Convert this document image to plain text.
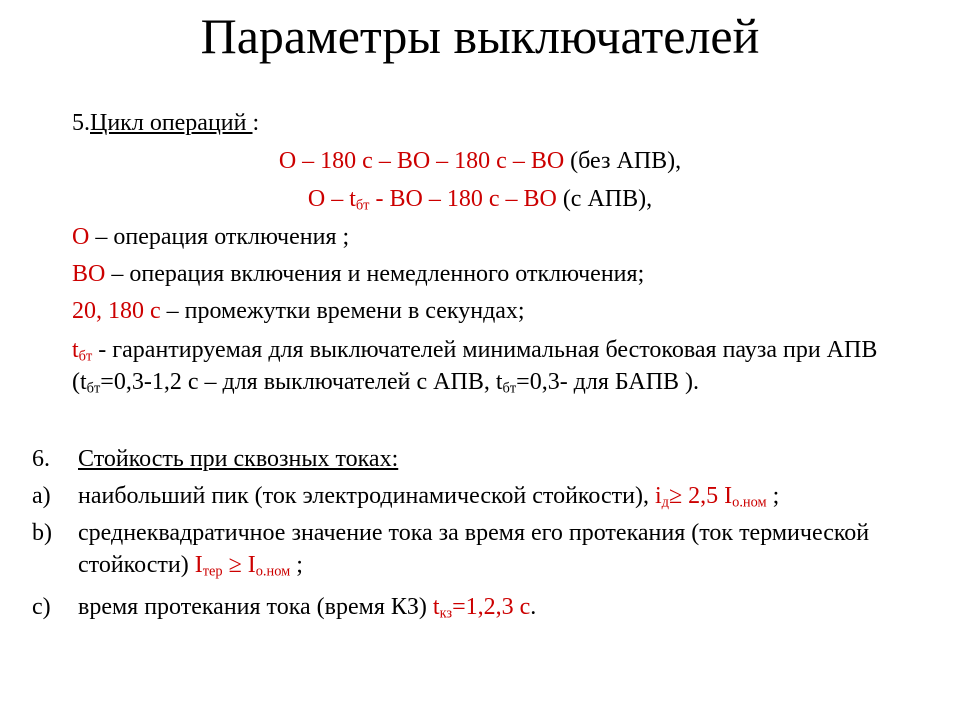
Параметры выключателей
5.Цикл операций :
О – 180 с – ВО – 180 с – ВО (без АПВ),
О – $t_{бт}$ - ВО – 180 с – ВО (с АПВ),
О – операция отключения ;
ВО – операция включения и немедленного отключения;
20, 180 с – промежутки времени в секундах;
$t_{бт}$ - гарантируемая для выключателей минимальная бестоковая пауза при АПВ ($t_{бт}=0,3-1,2$ с – для выключателей с АПВ, $t_{бт}=0,3-$ для БАПВ ).
6.	Стойкость при сквозных токах:
a)	наибольший пик (ток электродинамической стойкости), $i_д\ge 2,5$ $I_{о.ном}$ ;
b)	среднеквадратичное значение тока за время его протекания (ток термической стойкости) $I_{тер} \ge I_{о.ном}$ ;
c)	время протекания тока (время КЗ) $t_{кз}=1,2,3$ с.
